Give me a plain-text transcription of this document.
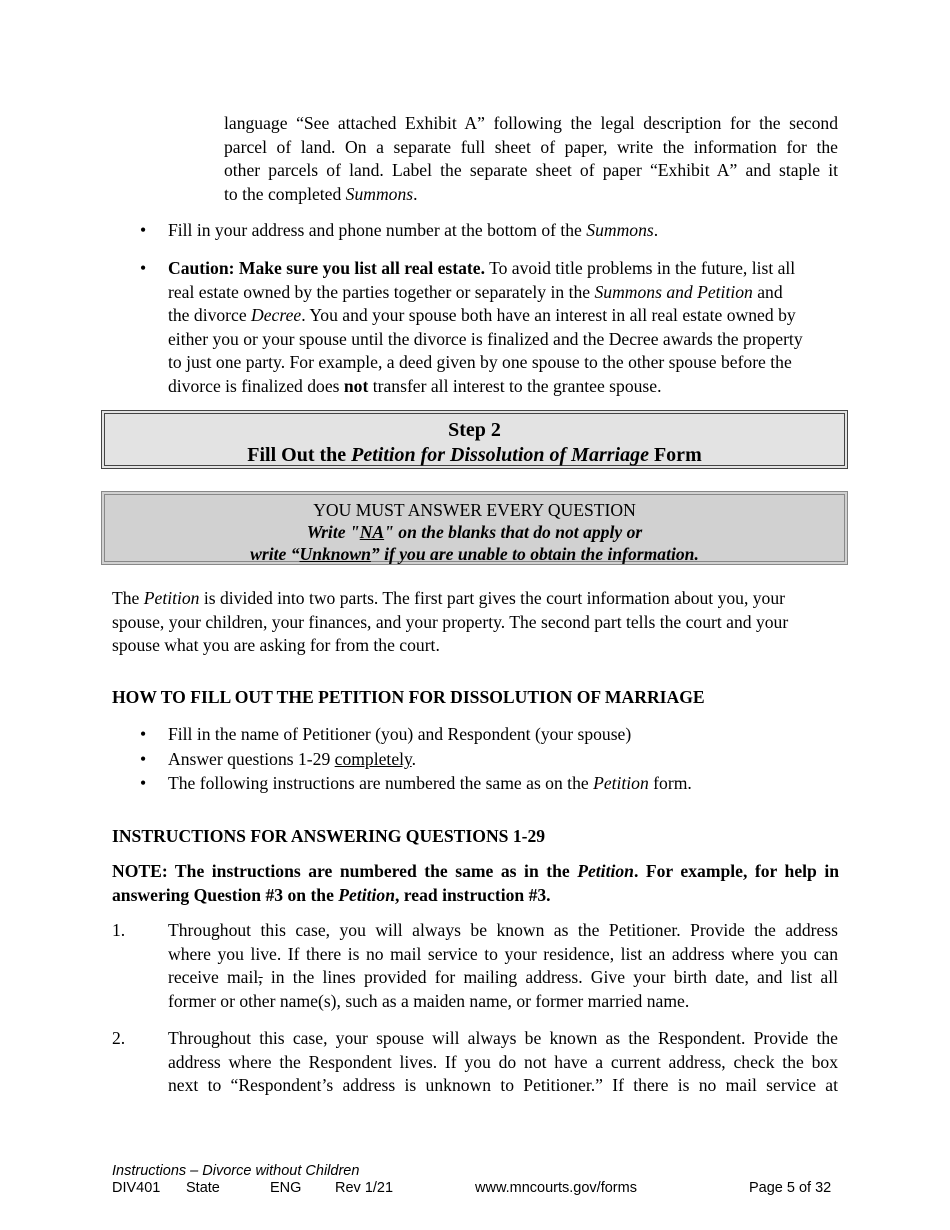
language “See attached Exhibit A” following the legal description for the second
parcel of land. On a separate full sheet of paper, write the information for the
other parcels of land. Label the separate sheet of paper “Exhibit A” and staple it
to the completed Summons.
• Fill in your address and phone number at the bottom of the Summons.
• Caution: Make sure you list all real estate. To avoid title problems in the future, list all
real estate owned by the parties together or separately in the Summons and Petition and
the divorce Decree. You and your spouse both have an interest in all real estate owned by
either you or your spouse until the divorce is finalized and the Decree awards the property
to just one party. For example, a deed given by one spouse to the other spouse before the
divorce is finalized does not transfer all interest to the grantee spouse.
Step 2
Fill Out the Petition for Dissolution of Marriage Form
YOU MUST ANSWER EVERY QUESTION
Write "NA" on the blanks that do not apply or
write “Unknown” if you are unable to obtain the information.
The Petition is divided into two parts. The first part gives the court information about you, your
spouse, your children, your finances, and your property. The second part tells the court and your
spouse what you are asking for from the court.
HOW TO FILL OUT THE PETITION FOR DISSOLUTION OF MARRIAGE
• Fill in the name of Petitioner (you) and Respondent (your spouse)
• Answer questions 1-29 completely.
• The following instructions are numbered the same as on the Petition form.
INSTRUCTIONS FOR ANSWERING QUESTIONS 1-29
NOTE: The instructions are numbered the same as in the Petition. For example, for help in
answering Question #3 on the Petition, read instruction #3.
1. Throughout this case, you will always be known as the Petitioner. Provide the address
where you live. If there is no mail service to your residence, list an address where you can
receive mail, in the lines provided for mailing address. Give your birth date, and list all
former or other name(s), such as a maiden name, or former married name.
2. Throughout this case, your spouse will always be known as the Respondent. Provide the
address where the Respondent lives. If you do not have a current address, check the box
next to “Respondent’s address is unknown to Petitioner.” If there is no mail service at
Instructions – Divorce without Children
DIV401 State	ENG Rev 1/21	www.mncourts.gov/forms	Page 5 of 32
